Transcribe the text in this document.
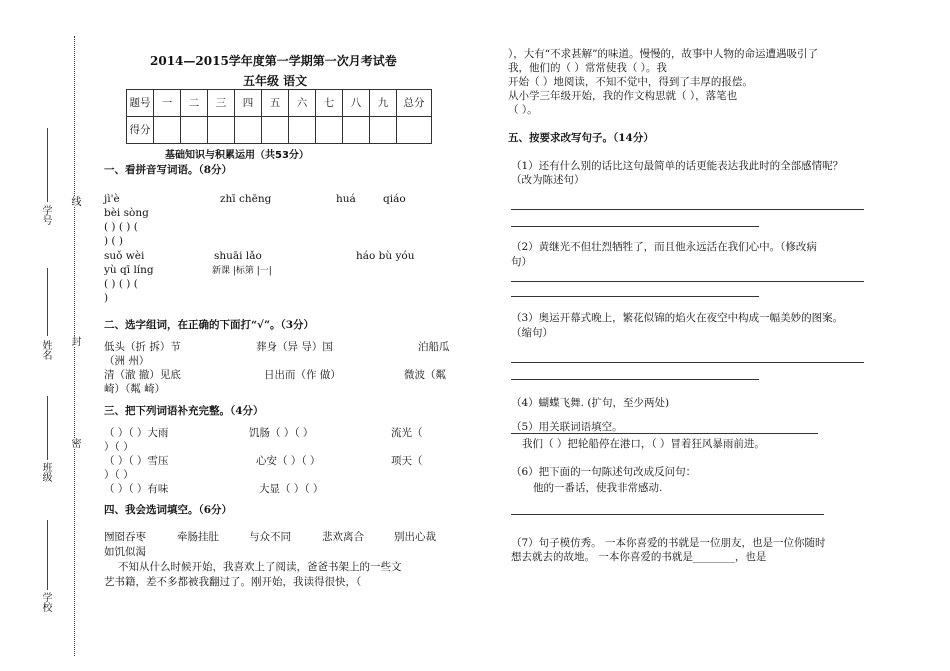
学号
姓名
班级
学校
线
封
密
2014—2015学年度第一学期第一次月考试卷
五年级 语文
题号	一	二	三	四	五	六	七	八	九	总分
得分										
基础知识与积累运用（共53分）
一、看拼音写词语。（8分）
jì'è	zhī chēng	huá	qiáo
bèi sòng
( ) ( ) (
) ( )
suǒ wèi	shuāi lǎo	háo bù yóu
yù qī líng	新课 |标第 |一|
( ) ( ) (
)
二、选字组词，在正确的下面打“√”。（3分）
低头（折 拆）节	葬身（异 导）国	泊船瓜
（洲 州）
清（澈 撤）见底	日出而（作 做）	微波（粼
崎）（粼 崎）
三、把下列词语补充完整。（4分）
（ ）（ ）大雨	饥肠（ ）（ ）	流光（
）（ ）
（ ）（ ）雪压	心安（ ）（ ）	项天（
）（ ）
（ ）（ ）有味	大显（ ）（ ）
四、我会选词填空。（6分）
囫囵吞枣	牵肠挂肚	与众不同	悲欢离合	别出心裁
如饥似渴
不知从什么时候开始，我喜欢上了阅读，爸爸书架上的一些文
艺书籍，差不多都被我翻过了。刚开始，我读得很快，（
），大有“不求甚解”的味道。慢慢的，故事中人物的命运遭遇吸引了
我，他们的（ ）常常使我（ ）。我
开始（ ）地阅读，不知不觉中，得到了丰厚的报偿。
从小学三年级开始，我的作文构思就（ ），落笔也
（ ）。
五、按要求改写句子。（14分）
（1）还有什么别的话比这句最简单的话更能表达我此时的全部感情呢？
（改为陈述句）
（2）黄继光不但壮烈牺牲了，而且他永远活在我们心中。（修改病
句）
（3）奥运开幕式晚上，繁花似锦的焰火在夜空中构成一幅美妙的图案。
（缩句）
（4）蝴蝶飞舞. (扩句，至少两处)
（5）用关联词语填空。
我们（ ）把轮船停在港口，（ ）冒着狂风暴雨前进。
（6）把下面的一句陈述句改成反问句：
他的一番话，使我非常感动.
（7）句子模仿秀。 一本你喜爱的书就是一位朋友，也是一位你随时
想去就去的故地。 一本你喜爱的书就是________，也是
